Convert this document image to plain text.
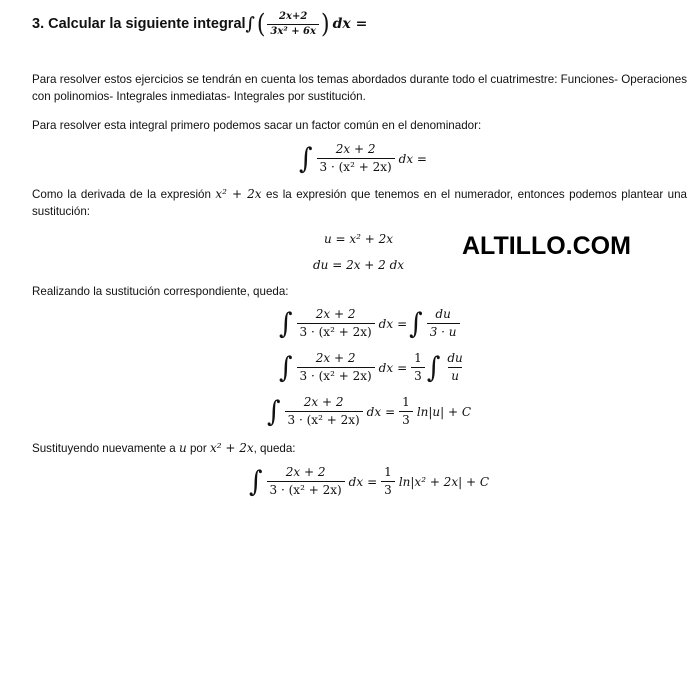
3. Calcular la siguiente integral ∫ ( $\frac{2x+2}{\text{3x² + 6x}}$ ) dx =

Para resolver estos ejercicios se tendrán en cuenta los temas abordados durante todo el cuatrimestre: Funciones- Operaciones con polinomios- Integrales inmediatas- Integrales por sustitución.

Para resolver esta integral primero podemos sacar un factor común en el denominador:

∫ $\frac{2x + 2}{\text{3 · (x² + 2x)}}$ dx =

Como la derivada de la expresión x² + 2x es la expresión que tenemos en el numerador, entonces podemos plantear una sustitución:

u = x² + 2x
du = 2x + 2 dx
ALTILLO.COM

Realizando la sustitución correspondiente, queda:

∫ $\frac{2x + 2}{\text{3 · (x² + 2x)}}$ dx = ∫ $\frac{du}{3 \cdot u}$
∫ $\frac{2x + 2}{\text{3 · (x² + 2x)}}$ dx = $\frac{1}{3}$ ∫ $\frac{du}{u}$
∫ $\frac{2x + 2}{\text{3 · (x² + 2x)}}$ dx = $\frac{1}{3} \ln|u| + C$

Sustituyendo nuevamente a u por x² + 2x, queda:

∫ $\frac{2x + 2}{\text{3 · (x² + 2x)}}$ dx = $\frac{1}{3} \ln|x^2 + 2x| + C$
